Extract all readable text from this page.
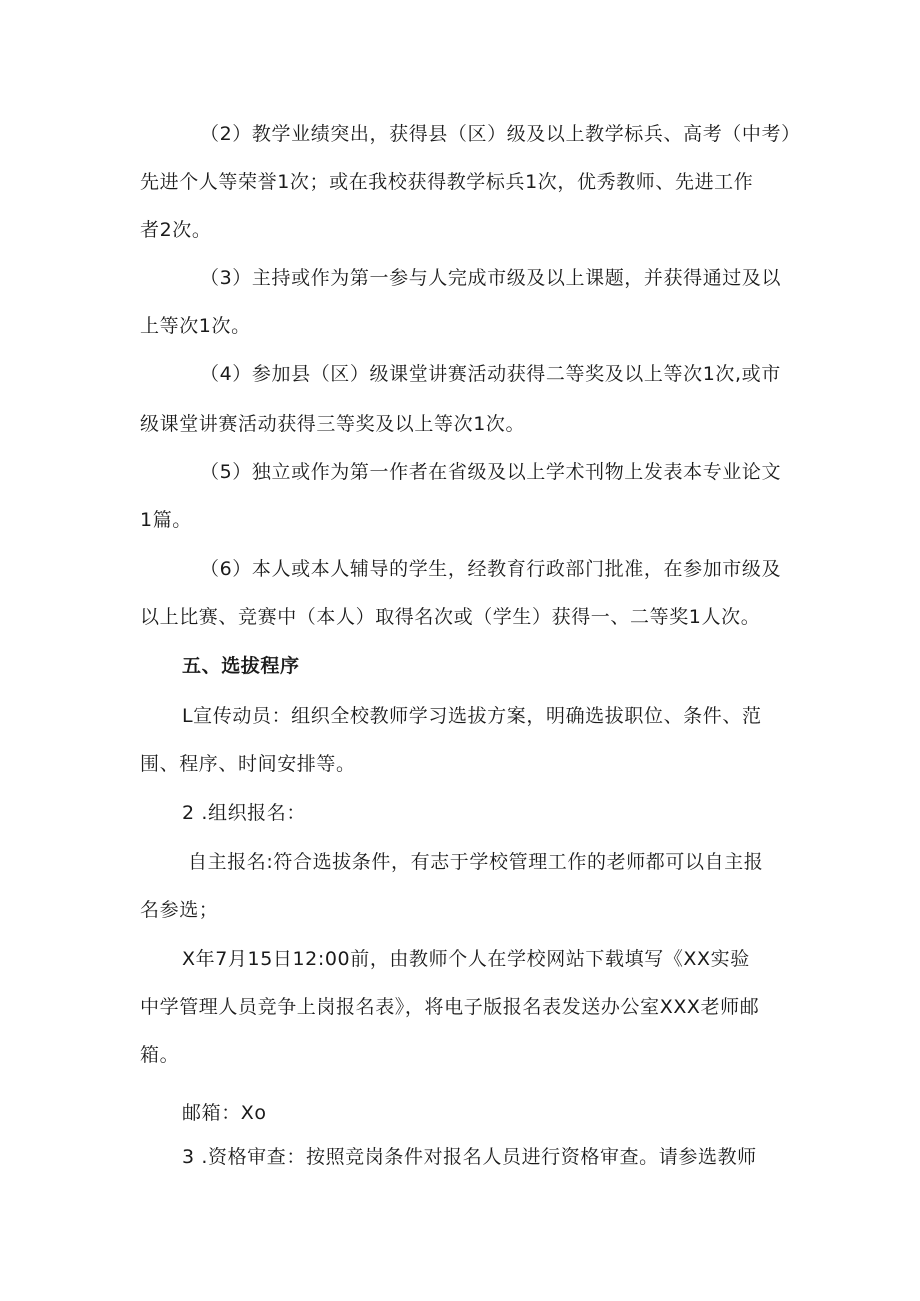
（2）教学业绩突出，获得县（区）级及以上教学标兵、高考（中考）
先进个人等荣誉1次；或在我校获得教学标兵1次，优秀教师、先进工作
者2次。
（3）主持或作为第一参与人完成市级及以上课题，并获得通过及以
上等次1次。
（4）参加县（区）级课堂讲赛活动获得二等奖及以上等次1次,或市
级课堂讲赛活动获得三等奖及以上等次1次。
（5）独立或作为第一作者在省级及以上学术刊物上发表本专业论文
1篇。
（6）本人或本人辅导的学生，经教育行政部门批准，在参加市级及
以上比赛、竞赛中（本人）取得名次或（学生）获得一、二等奖1人次。
五、选拔程序
L宣传动员：组织全校教师学习选拔方案，明确选拔职位、条件、范
围、程序、时间安排等。
2 .组织报名：
自主报名:符合选拔条件，有志于学校管理工作的老师都可以自主报
名参选；
X年7月15日12:00前，由教师个人在学校网站下载填写《XX实验
中学管理人员竞争上岗报名表》，将电子版报名表发送办公室XXX老师邮
箱。
邮箱：Xo
3 .资格审查：按照竞岗条件对报名人员进行资格审查。请参选教师
